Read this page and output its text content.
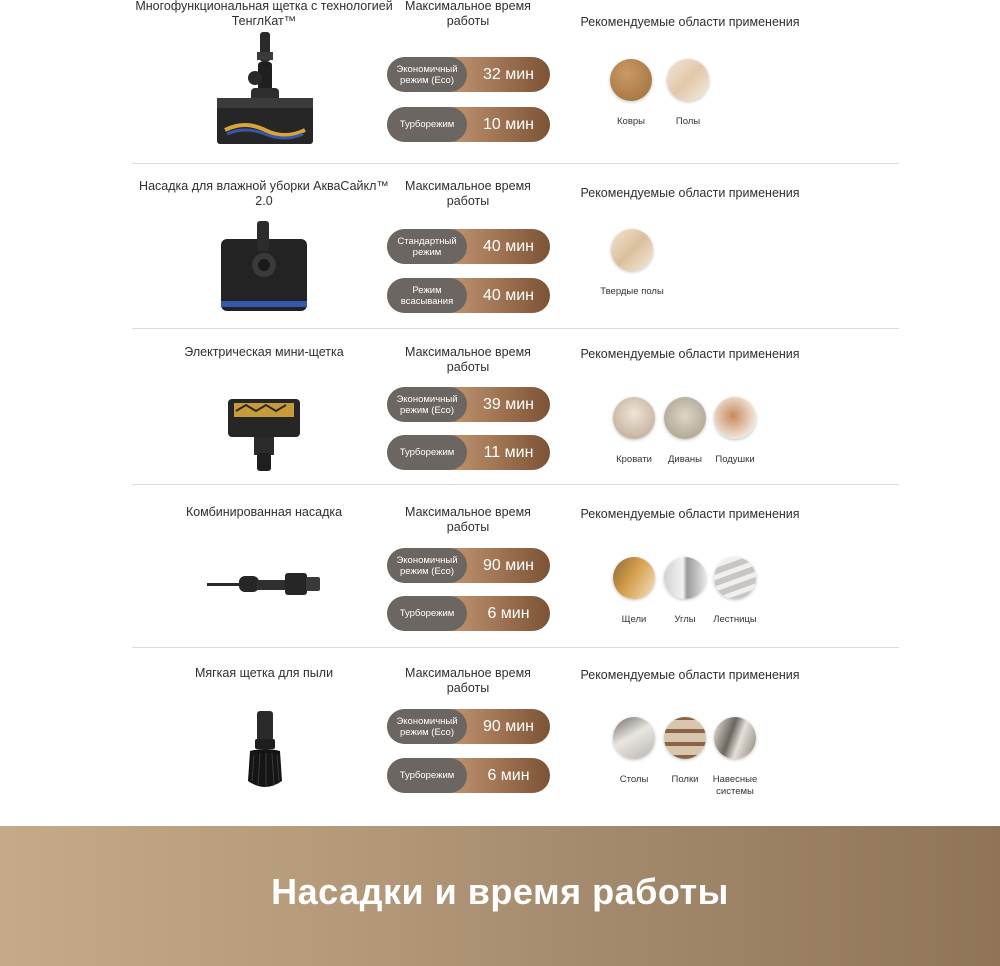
Многофункциональная щетка с технологией ТенглКат™
Максимальное время работы	Рекомендуемые области применения
Экономичный режим (Eco)	32 мин
Турборежим	10 мин	Ковры	Полы
Насадка для влажной уборки АкваСайкл™ 2.0
Максимальное время работы
Рекомендуемые области применения
Стандартный режим	40 мин
Режим всасывания	40 мин	Твердые полы
Электрическая мини-щетка	Максимальное время работы
Рекомендуемые области применения
Экономичный режим (Eco)	39 мин
Турборежим	11 мин	Кровати	Диваны	Подушки
Комбинированная насадка	Максимальное время работы
Рекомендуемые области применения
Экономичный режим (Eco)	90 мин
Турборежим	6 мин	Щели	Углы	Лестницы
Мягкая щетка для пыли	Максимальное время работы
Рекомендуемые области применения
Экономичный режим (Eco)	90 мин
Турборежим	6 мин	Столы	Полки	Навесные системы
Насадки и время работы
